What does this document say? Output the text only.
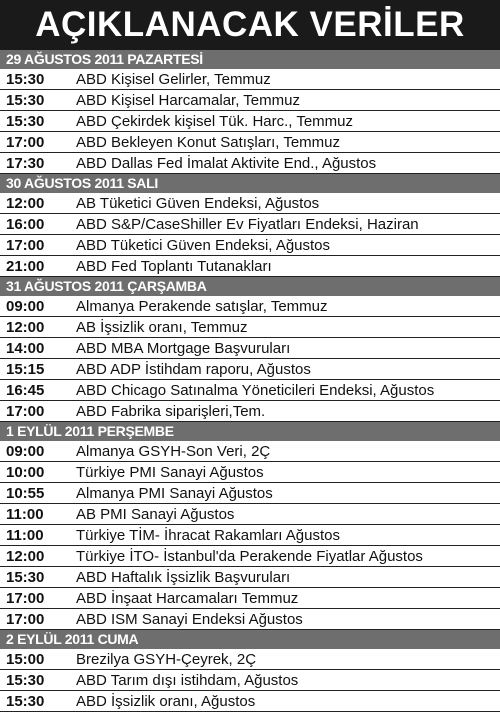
AÇIKLANACAK VERİLER
29 AĞUSTOS 2011 PAZARTESİ
15:30	ABD Kişisel Gelirler, Temmuz
15:30	ABD Kişisel Harcamalar, Temmuz
15:30	ABD Çekirdek kişisel Tük. Harc., Temmuz
17:00	ABD Bekleyen Konut Satışları, Temmuz
17:30	ABD Dallas Fed İmalat Aktivite End., Ağustos
30 AĞUSTOS 2011 SALI
12:00	AB Tüketici Güven Endeksi, Ağustos
16:00	ABD S&P/CaseShiller Ev Fiyatları Endeksi, Haziran
17:00	ABD Tüketici Güven Endeksi, Ağustos
21:00	ABD Fed Toplantı Tutanakları
31 AĞUSTOS 2011 ÇARŞAMBA
09:00	Almanya Perakende satışlar, Temmuz
12:00	AB İşsizlik oranı, Temmuz
14:00	ABD MBA Mortgage Başvuruları
15:15	ABD ADP İstihdam raporu, Ağustos
16:45	ABD Chicago Satınalma Yöneticileri Endeksi, Ağustos
17:00	ABD Fabrika siparişleri,Tem.
1 EYLÜL 2011 PERŞEMBE
09:00	Almanya GSYH-Son Veri, 2Ç
10:00	Türkiye PMI Sanayi Ağustos
10:55	Almanya PMI Sanayi Ağustos
11:00	AB PMI Sanayi Ağustos
11:00	Türkiye TİM- İhracat Rakamları Ağustos
12:00	Türkiye İTO- İstanbul'da Perakende Fiyatlar Ağustos
15:30	ABD Haftalık İşsizlik Başvuruları
17:00	ABD İnşaat Harcamaları Temmuz
17:00	ABD ISM Sanayi Endeksi Ağustos
2 EYLÜL 2011 CUMA
15:00	Brezilya GSYH-Çeyrek, 2Ç
15:30	ABD Tarım dışı istihdam, Ağustos
15:30	ABD İşsizlik oranı, Ağustos
